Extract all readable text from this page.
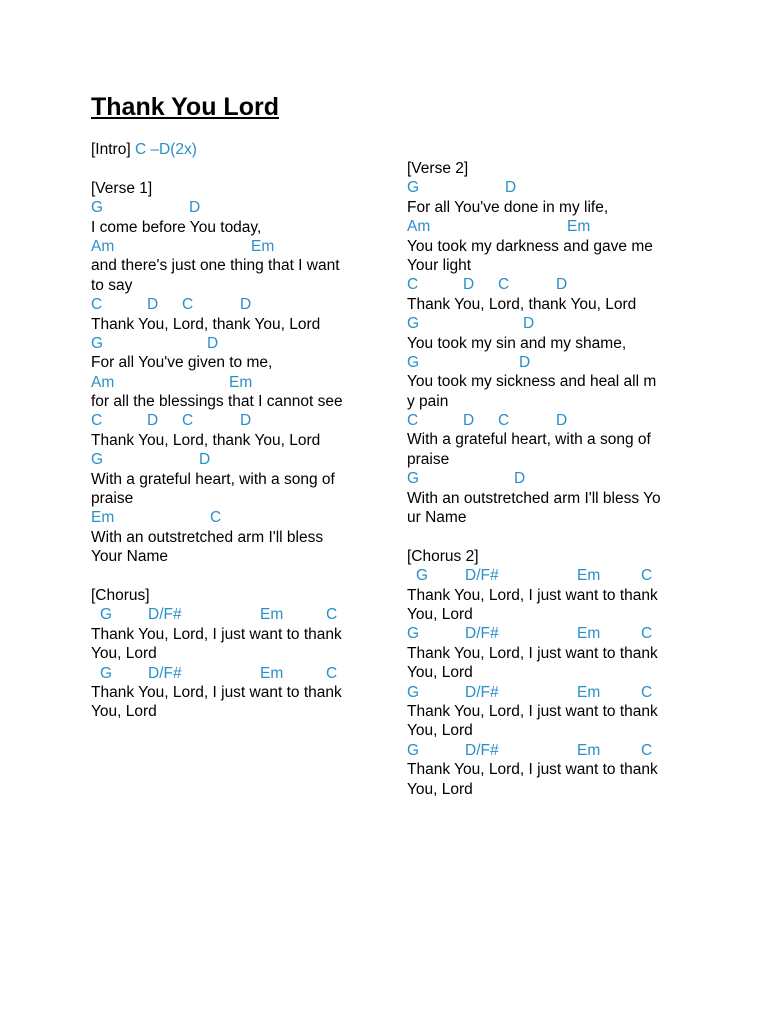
Thank You Lord
[Intro] C –D(2x)
[Verse 1]
G	D
I come before You today,
Am	Em
and there's just one thing that I want
to say
C	D C	D
Thank You, Lord, thank You, Lord
G	D
For all You've given to me,
Am	Em
for all the blessings that I cannot see
C	D C	D
Thank You, Lord, thank You, Lord
G	D
With a grateful heart, with a song of
praise
Em	C
With an outstretched arm I'll bless
Your Name
[Chorus]
G D/F#	Em	C
Thank You, Lord, I just want to thank
You, Lord
G D/F#	Em	C
Thank You, Lord, I just want to thank
You, Lord
[Verse 2]
G	D
For all You've done in my life,
Am	Em
You took my darkness and gave me
Your light
C	D C	D
Thank You, Lord, thank You, Lord
G	D
You took my sin and my shame,
G	D
You took my sickness and heal all m
y pain
C	D C	D
With a grateful heart, with a song of
praise
G	D
With an outstretched arm I'll bless Yo
ur Name
[Chorus 2]
G D/F#	Em	C
Thank You, Lord, I just want to thank
You, Lord
G	D/F#	Em	C
Thank You, Lord, I just want to thank
You, Lord
G	D/F#	Em	C
Thank You, Lord, I just want to thank
You, Lord
G	D/F#	Em	C
Thank You, Lord, I just want to thank
You, Lord
